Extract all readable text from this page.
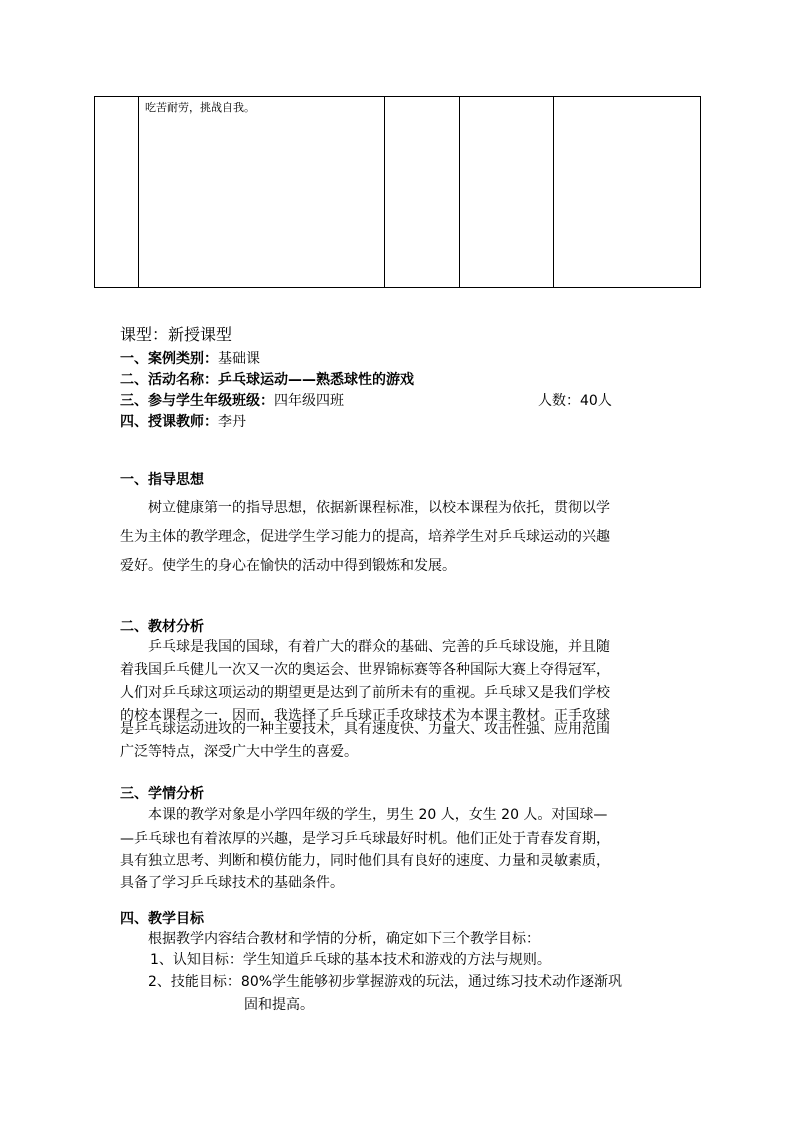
吃苦耐劳，挑战自我。

课型：新授课型
一、案例类别：基础课
二、活动名称：乒乓球运动——熟悉球性的游戏
三、参与学生年级班级：四年级四班	人数：40人
四、授课教师：李丹
一、指导思想
树立健康第一的指导思想，依据新课程标准，以校本课程为依托，贯彻以学
生为主体的教学理念，促进学生学习能力的提高，培养学生对乒乓球运动的兴趣
爱好。使学生的身心在愉快的活动中得到锻炼和发展。
二、教材分析
乒乓球是我国的国球，有着广大的群众的基础、完善的乒乓球设施，并且随
着我国乒乓健儿一次又一次的奥运会、世界锦标赛等各种国际大赛上夺得冠军，
人们对乒乓球这项运动的期望更是达到了前所未有的重视。乒乓球又是我们学校
的校本课程之一，因而，我选择了乒乓球正手攻球技术为本课主教材。正手攻球
是乒乓球运动进攻的一种主要技术，具有速度快、力量大、攻击性强、应用范围
广泛等特点，深受广大中学生的喜爱。
三、学情分析
本课的教学对象是小学四年级的学生，男生 20 人，女生 20 人。对国球—
—乒乓球也有着浓厚的兴趣，是学习乒乓球最好时机。他们正处于青春发育期，
具有独立思考、判断和模仿能力，同时他们具有良好的速度、力量和灵敏素质，
具备了学习乒乓球技术的基础条件。
四、教学目标
根据教学内容结合教材和学情的分析，确定如下三个教学目标：
1、认知目标：学生知道乒乓球的基本技术和游戏的方法与规则。
2、技能目标：80%学生能够初步掌握游戏的玩法，通过练习技术动作逐渐巩
固和提高。
